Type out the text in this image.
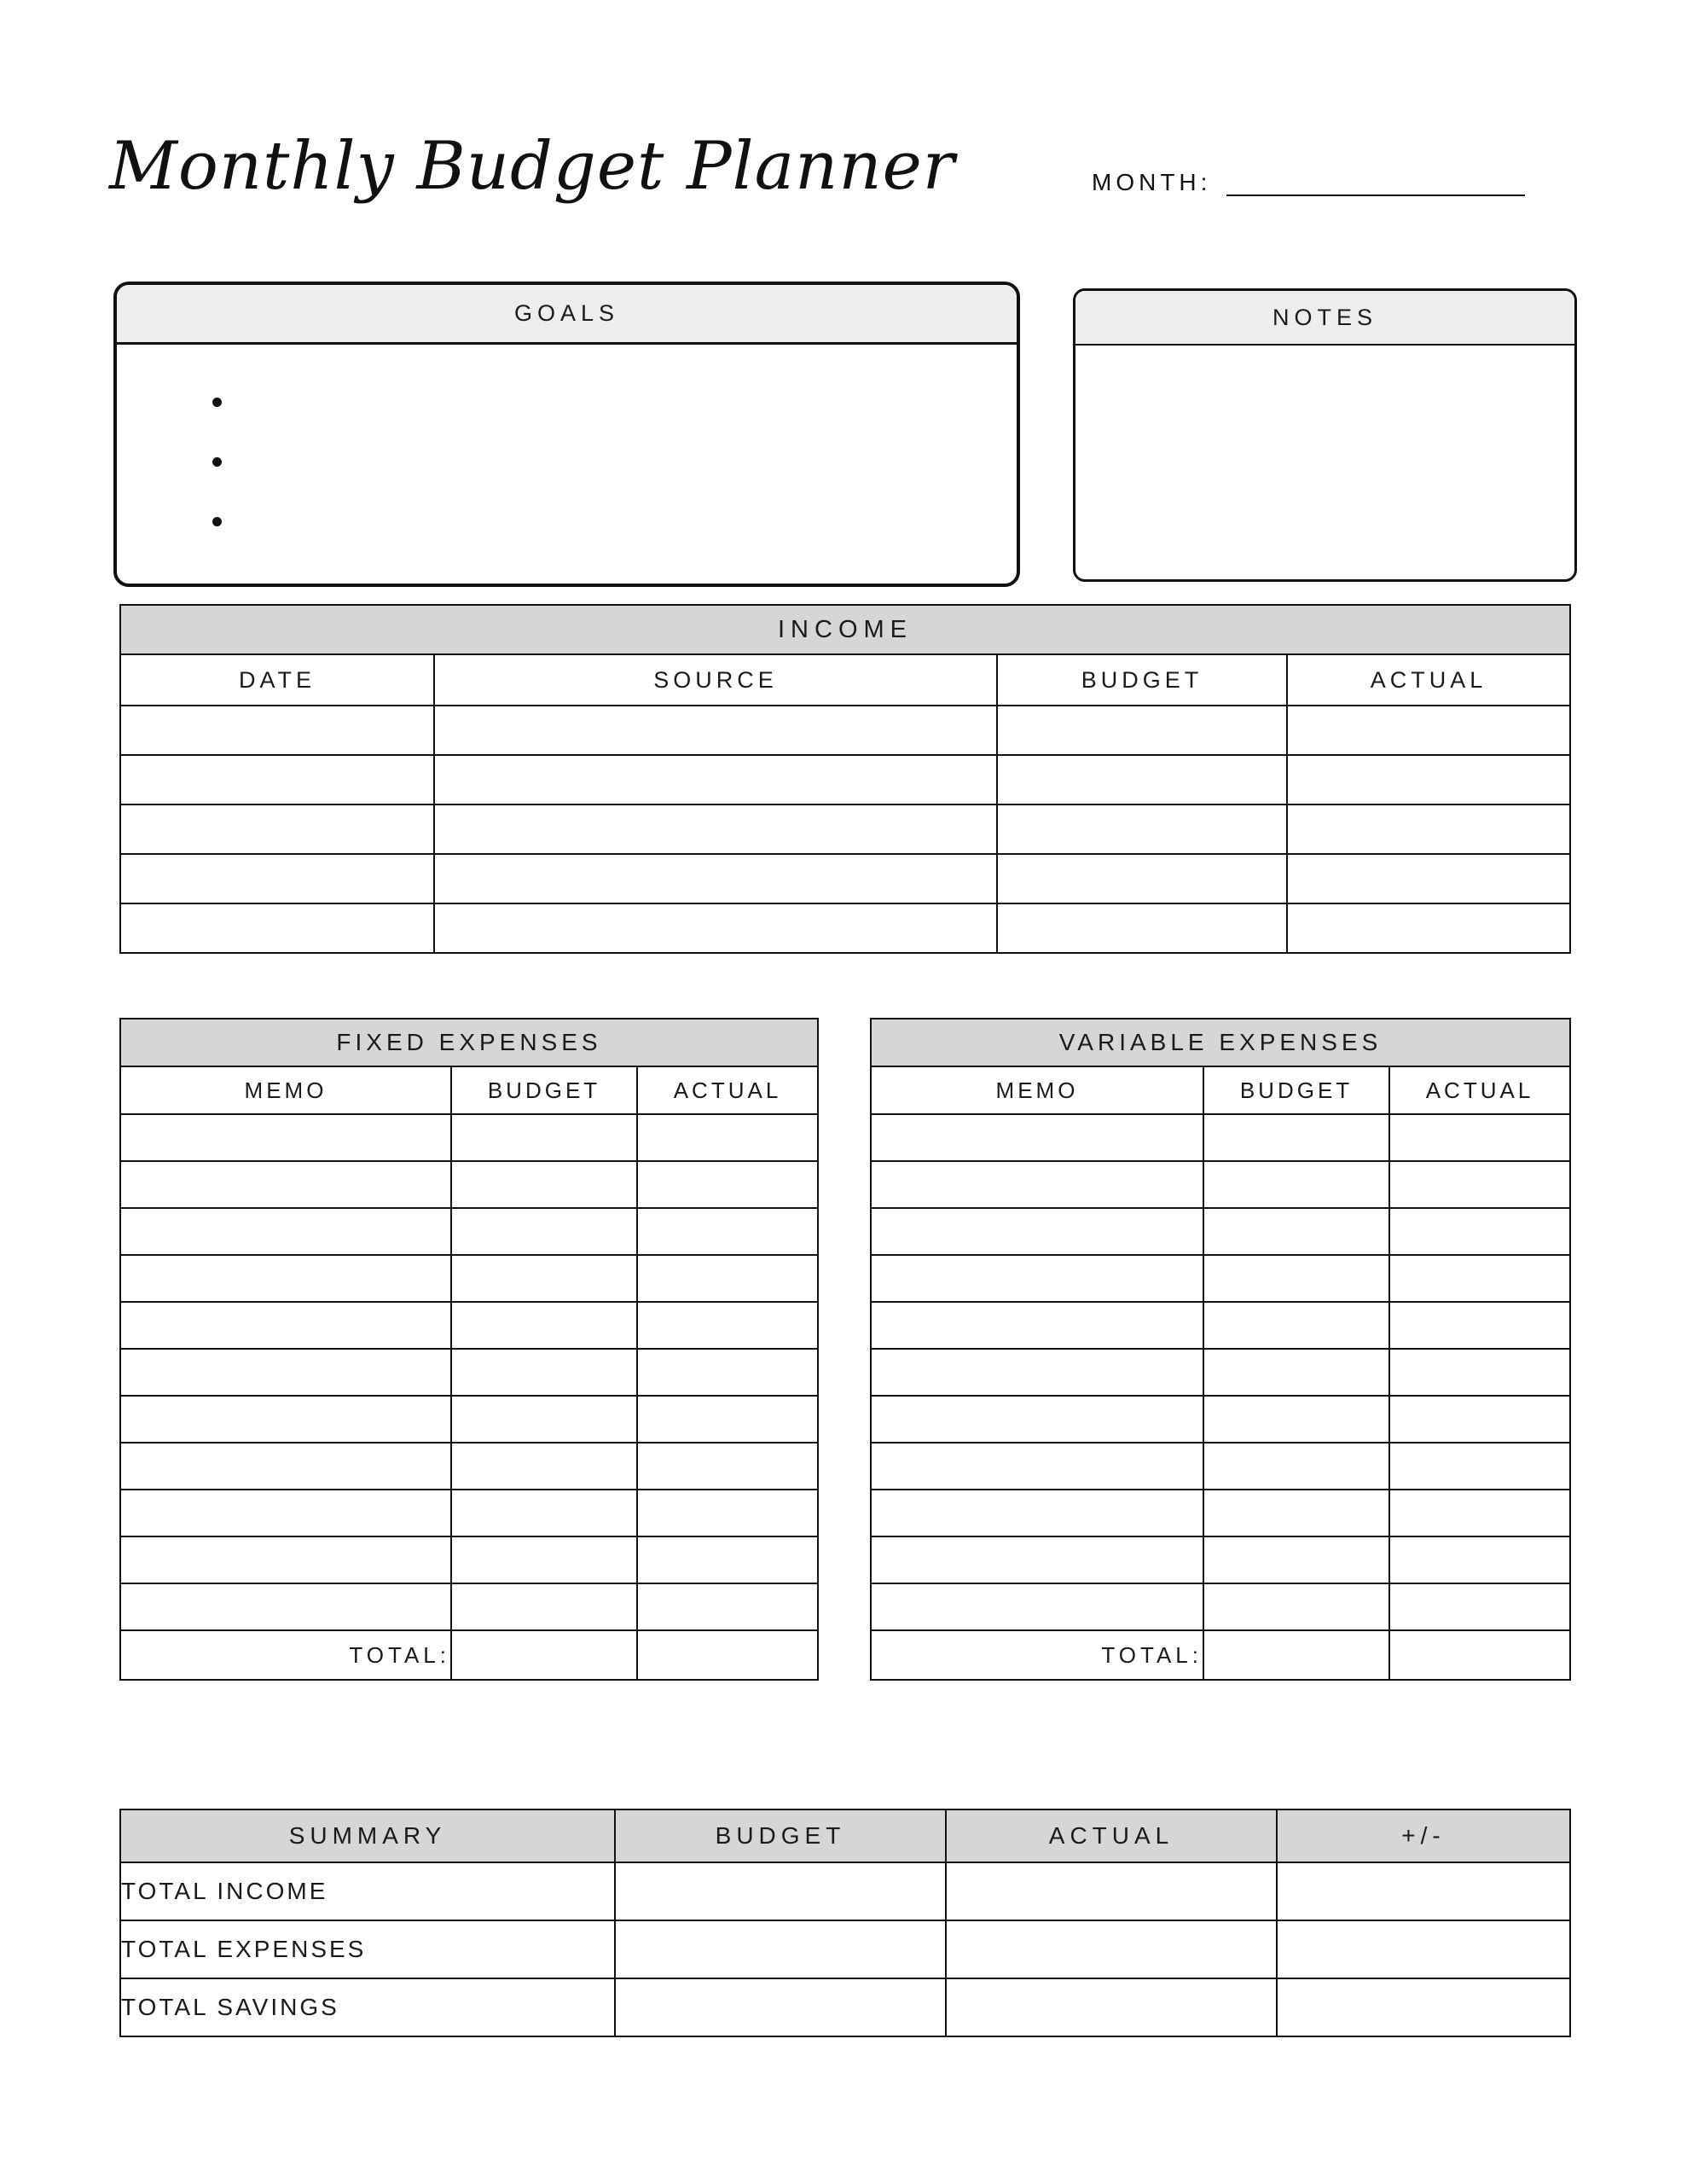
Monthly Budget Planner	MONTH:
GOALS	NOTES
INCOME			
DATE	SOURCE	BUDGET	ACTUAL

FIXED EXPENSES		
MEMO	BUDGET	ACTUAL

TOTAL:		
VARIABLE EXPENSES		
MEMO	BUDGET	ACTUAL

TOTAL:		
SUMMARY	BUDGET	ACTUAL	+/-
TOTAL INCOME			
TOTAL EXPENSES			
TOTAL SAVINGS			
